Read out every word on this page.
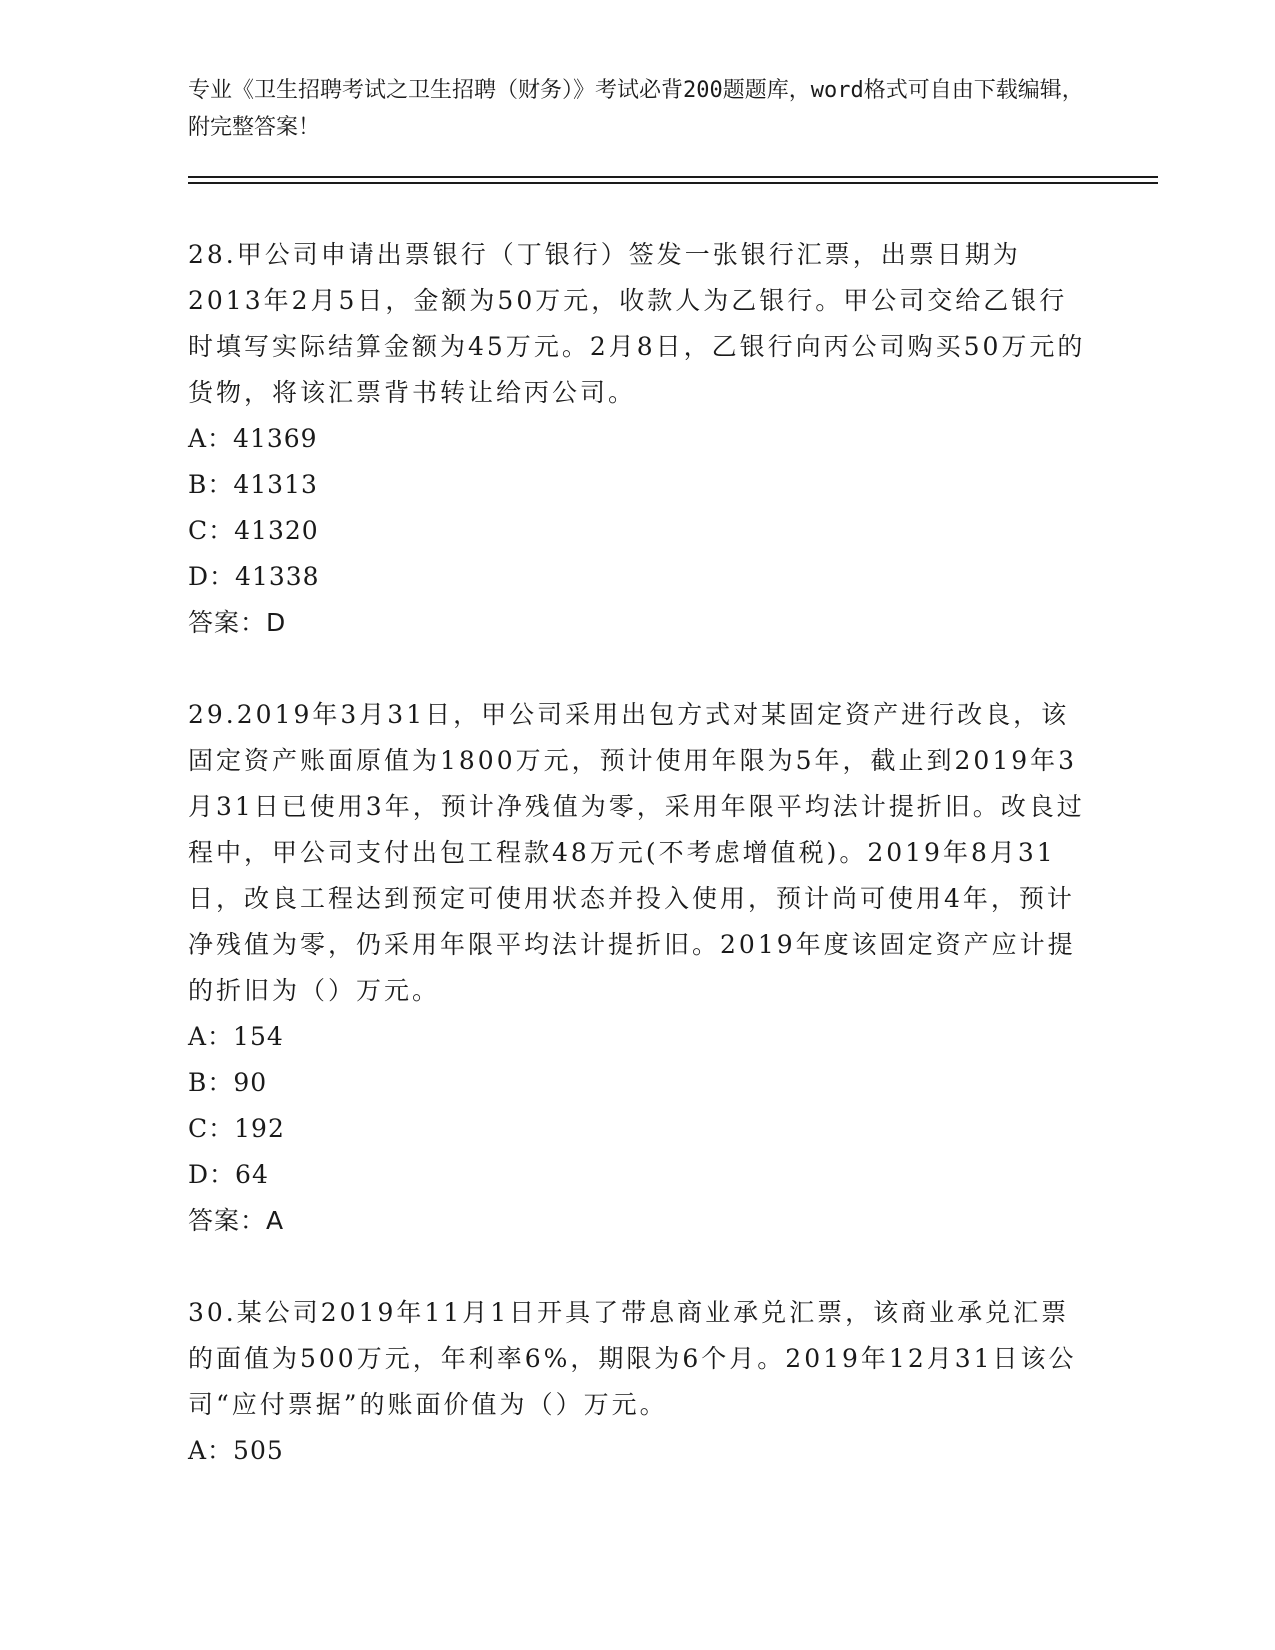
专业《卫生招聘考试之卫生招聘（财务）》考试必背200题题库，word格式可自由下载编辑，附完整答案！

28.甲公司申请出票银行（丁银行）签发一张银行汇票，出票日期为2013年2月5日，金额为50万元，收款人为乙银行。甲公司交给乙银行时填写实际结算金额为45万元。2月8日，乙银行向丙公司购买50万元的货物，将该汇票背书转让给丙公司。

A：41369

B：41313

C：41320

D：41338

答案：D

29.2019年3月31日，甲公司采用出包方式对某固定资产进行改良，该固定资产账面原值为1800万元，预计使用年限为5年，截止到2019年3月31日已使用3年，预计净残值为零，采用年限平均法计提折旧。改良过程中，甲公司支付出包工程款48万元(不考虑增值税)。2019年8月31日，改良工程达到预定可使用状态并投入使用，预计尚可使用4年，预计净残值为零，仍采用年限平均法计提折旧。2019年度该固定资产应计提的折旧为（）万元。

A：154

B：90

C：192

D：64

答案：A

30.某公司2019年11月1日开具了带息商业承兑汇票，该商业承兑汇票的面值为500万元，年利率6%，期限为6个月。2019年12月31日该公司“应付票据”的账面价值为（）万元。

A：505
